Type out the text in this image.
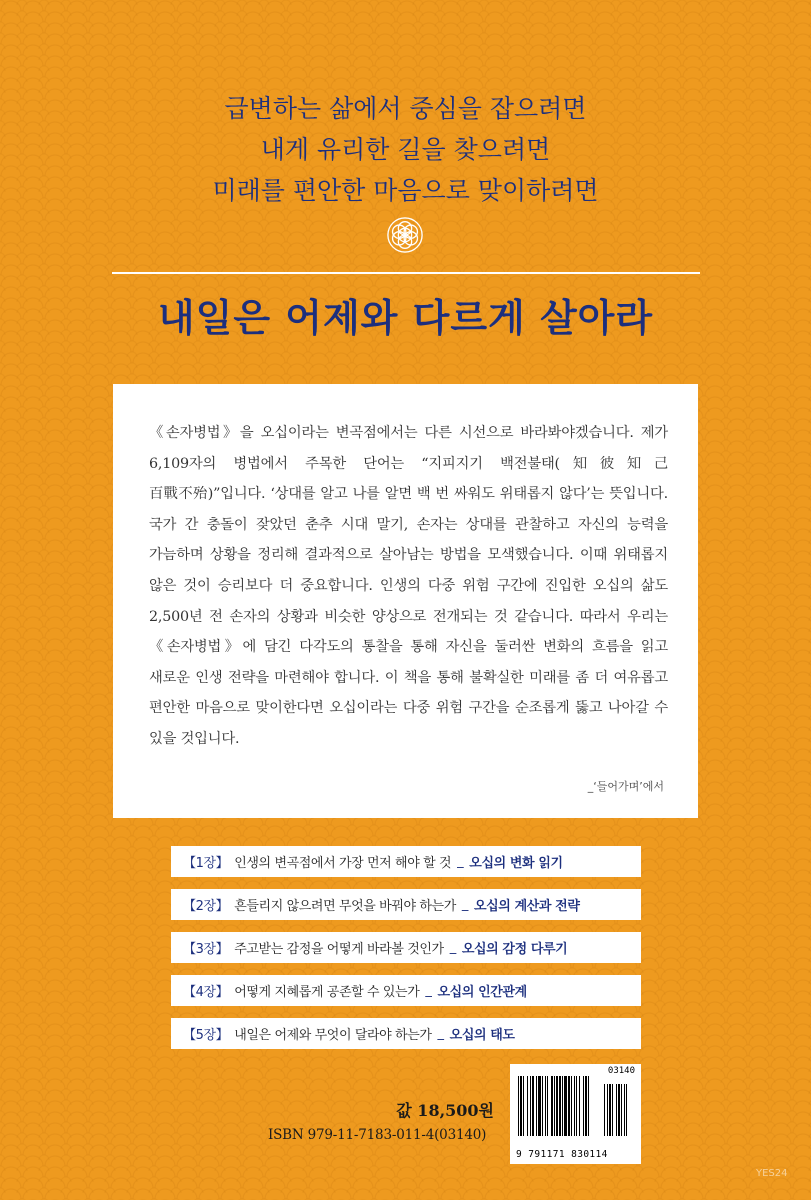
급변하는 삶에서 중심을 잡으려면
내게 유리한 길을 찾으려면
미래를 편안한 마음으로 맞이하려면
내일은 어제와 다르게 살아라

《손자병법》을 오십이라는 변곡점에서는 다른 시선으로 바라봐야겠습니다. 제가 6,109자의 병법에서 주목한 단어는 “지피지기 백전불태(知彼知己 百戰不殆)”입니다. ‘상대를 알고 나를 알면 백 번 싸워도 위태롭지 않다’는 뜻입니다. 국가 간 충돌이 잦았던 춘추 시대 말기, 손자는 상대를 관찰하고 자신의 능력을 가늠하며 상황을 정리해 결과적으로 살아남는 방법을 모색했습니다. 이때 위태롭지 않은 것이 승리보다 더 중요합니다. 인생의 다중 위험 구간에 진입한 오십의 삶도 2,500년 전 손자의 상황과 비슷한 양상으로 전개되는 것 같습니다. 따라서 우리는 《손자병법》에 담긴 다각도의 통찰을 통해 자신을 둘러싼 변화의 흐름을 읽고 새로운 인생 전략을 마련해야 합니다. 이 책을 통해 불확실한 미래를 좀 더 여유롭고 편안한 마음으로 맞이한다면 오십이라는 다중 위험 구간을 순조롭게 뚫고 나아갈 수 있을 것입니다.

_‘들어가며’에서
【1장】 인생의 변곡점에서 가장 먼저 해야 할 것 _ 오십의 변화 읽기
【2장】 흔들리지 않으려면 무엇을 바꿔야 하는가 _ 오십의 계산과 전략
【3장】 주고받는 감정을 어떻게 바라볼 것인가 _ 오십의 감정 다루기
【4장】 어떻게 지혜롭게 공존할 수 있는가 _ 오십의 인간관계
【5장】 내일은 어제와 무엇이 달라야 하는가 _ 오십의 태도
값 18,500원
ISBN 979-11-7183-011-4(03140)
03140
9 791171 830114
YES24
